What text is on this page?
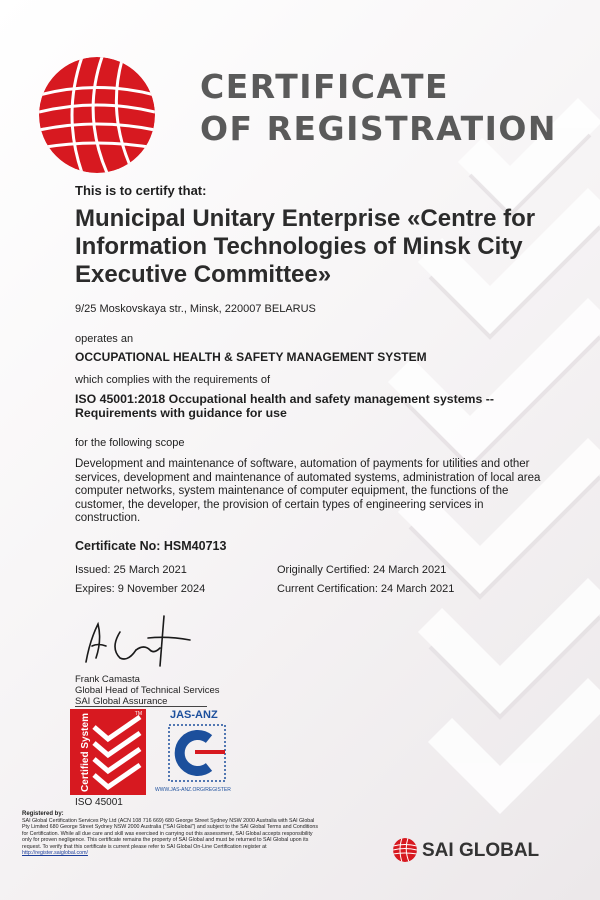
CERTIFICATE
OF REGISTRATION
This is to certify that:
Municipal Unitary Enterprise «Centre for
Information Technologies of Minsk City
Executive Committee»
9/25 Moskovskaya str., Minsk, 220007 BELARUS
operates an
OCCUPATIONAL HEALTH & SAFETY MANAGEMENT SYSTEM
which complies with the requirements of
ISO 45001:2018 Occupational health and safety management systems --
Requirements with guidance for use
for the following scope
Development and maintenance of software, automation of payments for utilities and other
services, development and maintenance of automated systems, administration of local area
computer networks, system maintenance of computer equipment, the functions of the
customer, the developer, the provision of certain types of engineering services in
construction.
Certificate No: HSM40713
Issued: 25 March 2021
Expires: 9 November 2024
Originally Certified: 24 March 2021
Current Certification: 24 March 2021
Frank Camasta
Global Head of Technical Services
SAI Global Assurance
TM
Certified System
ISO 45001
JAS-ANZ
WWW.JAS-ANZ.ORG/REGISTER
Registered by:
SAI Global Certification Services Pty Ltd (ACN 108 716 669) 680 George Street Sydney NSW 2000 Australia with SAI Global
Pty Limited 680 George Street Sydney NSW 2000 Australia ("SAI Global") and subject to the SAI Global Terms and Conditions
for Certification. While all due care and skill was exercised in carrying out this assessment, SAI Global accepts responsibility
only for proven negligence. This certificate remains the property of SAI Global and must be returned to SAI Global upon its
request. To verify that this certificate is current please refer to SAI Global On-Line Certification register at
http://register.saiglobal.com/	SAI GLOBAL
